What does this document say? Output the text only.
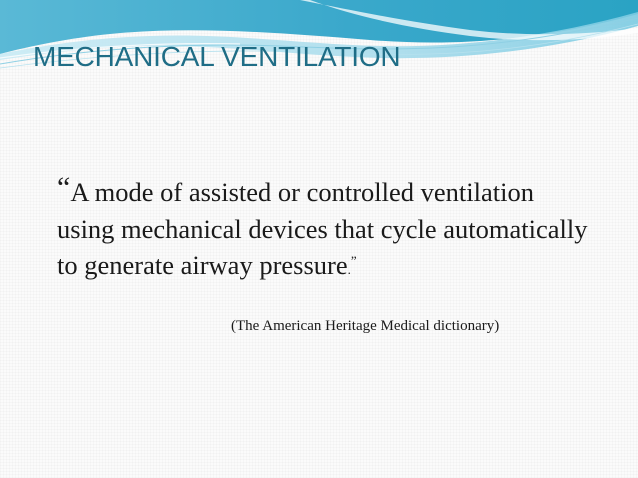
MECHANICAL VENTILATION

“A mode of assisted or controlled ventilation using mechanical devices that cycle automatically to generate airway pressure.”

(The American Heritage Medical dictionary)
